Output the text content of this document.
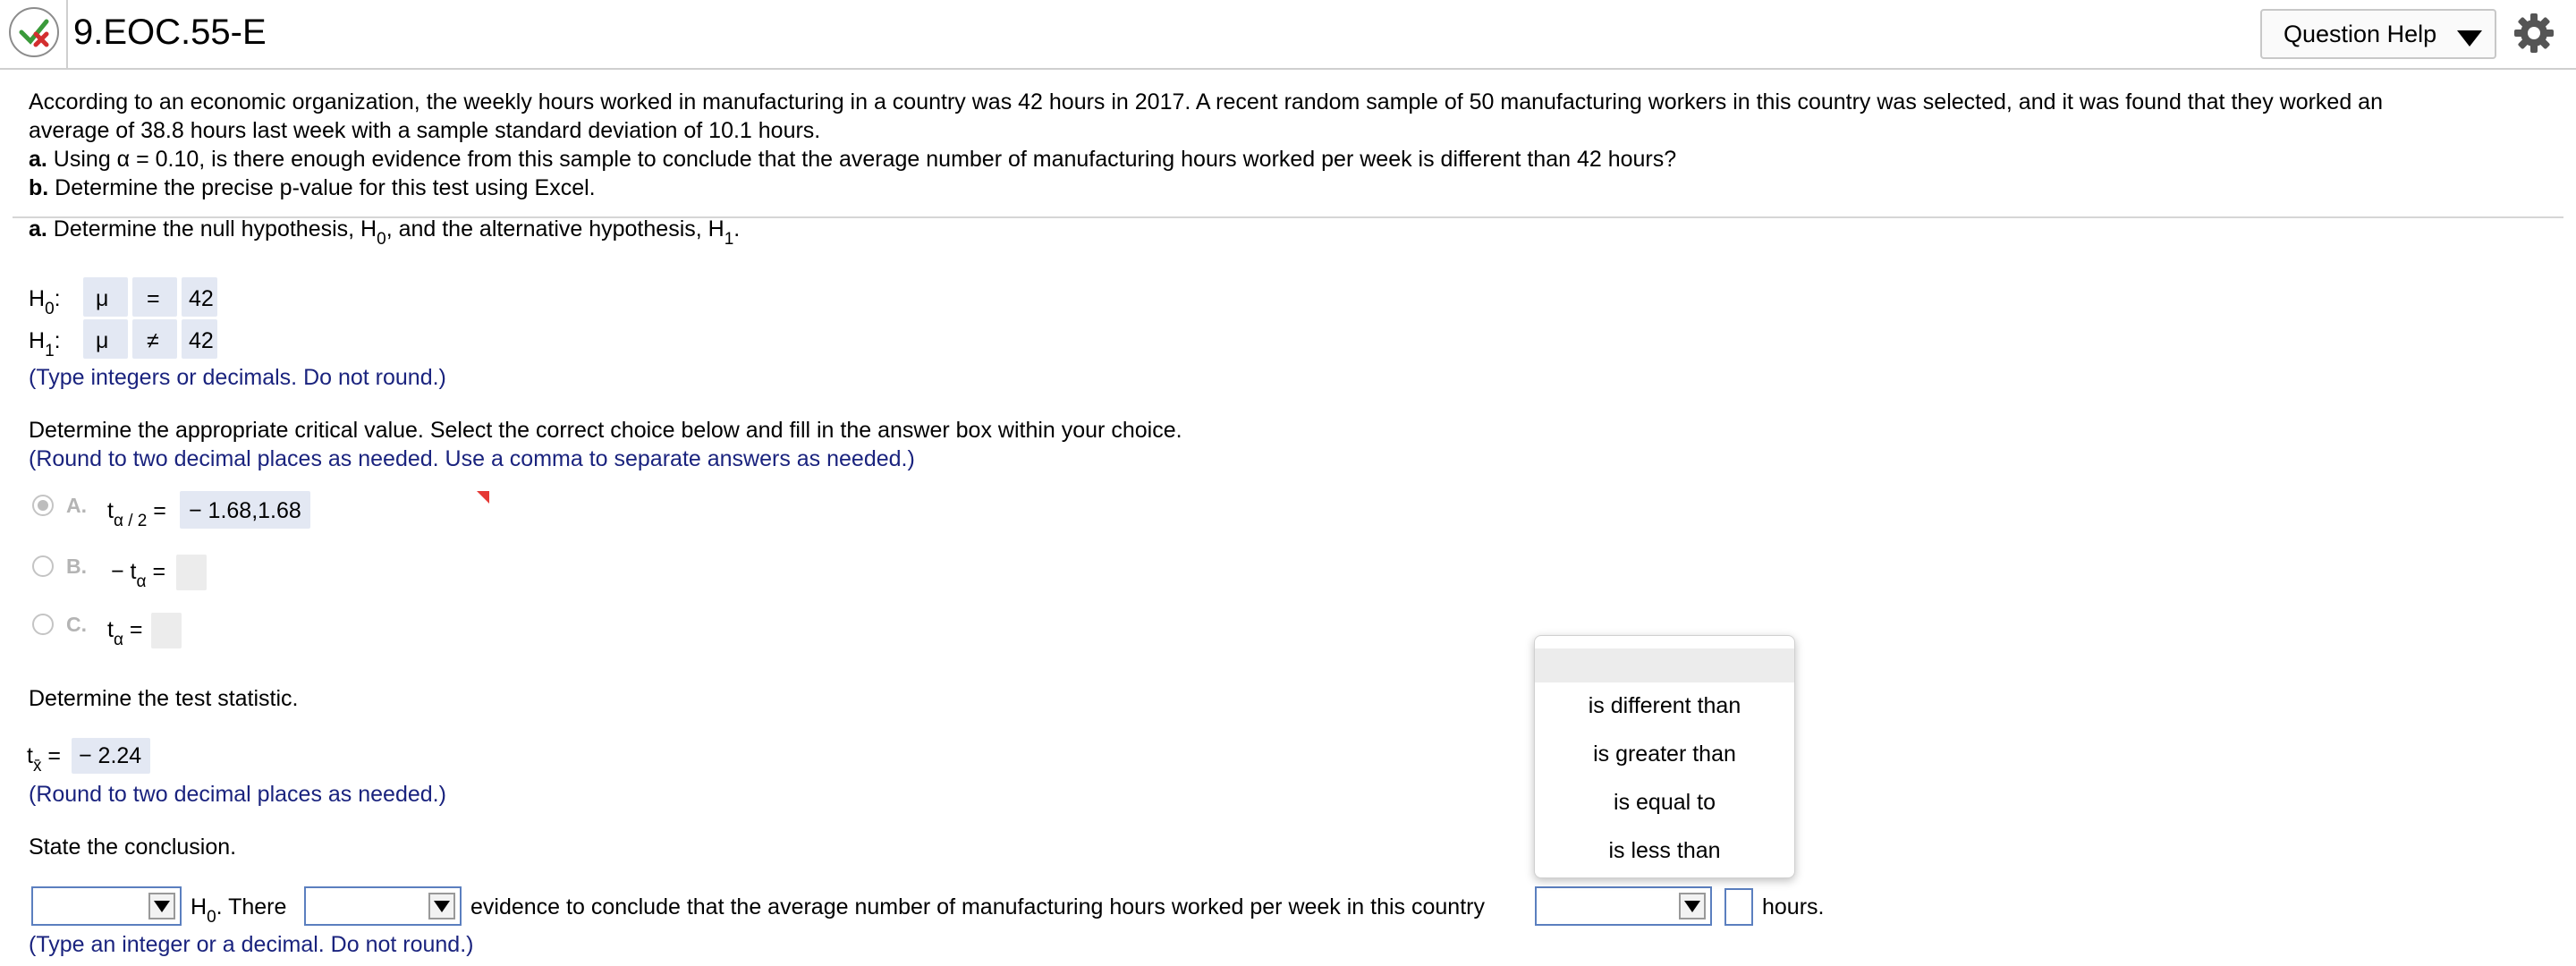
9.EOC.55-E	Question Help
According to an economic organization, the weekly hours worked in manufacturing in a country was 42 hours in 2017. A recent random sample of 50 manufacturing workers in this country was selected, and it was found that they worked an
average of 38.8 hours last week with a sample standard deviation of 10.1 hours.
a. Using α = 0.10, is there enough evidence from this sample to conclude that the average number of manufacturing hours worked per week is different than 42 hours?
b. Determine the precise p-value for this test using Excel.
a. Determine the null hypothesis, $H_0$, and the alternative hypothesis, $H_1$.
$H_0$: μ = 42
$H_1$: μ ≠ 42
(Type integers or decimals. Do not round.)
Determine the appropriate critical value. Select the correct choice below and fill in the answer box within your choice.
(Round to two decimal places as needed. Use a comma to separate answers as needed.)
A. $t_{\alpha / 2}$ = − 1.68,1.68
B. − $t_\alpha$ =
C. $t_\alpha$ =
Determine the test statistic.
$t_{x̄}$ = − 2.24
(Round to two decimal places as needed.)
State the conclusion.
$H_0$. There	evidence to conclude that the average number of manufacturing hours worked per week in this country	hours.
(Type an integer or a decimal. Do not round.)
is different than
is greater than
is equal to
is less than
